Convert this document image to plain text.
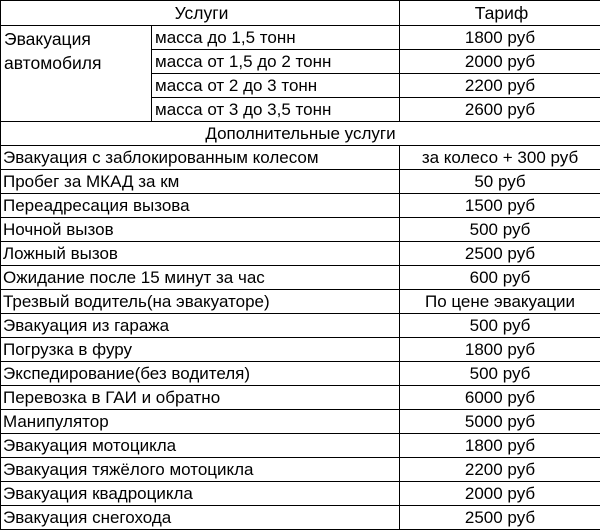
Услуги		Тариф

Эвакуация
автомобиля	масса до 1,5 тонн	1800 руб
	масса от 1,5 до 2 тонн	2000 руб
	масса от 2 до 3 тонн	2200 руб
	масса от 3 до 3,5 тонн	2600 руб
Дополнительные услуги		
Эвакуация с заблокированным колесом		за колесо + 300 руб
Пробег за МКАД за км		50 руб
Переадресация вызова		1500 руб
Ночной вызов		500 руб
Ложный вызов		2500 руб
Ожидание после 15 минут за час		600 руб
Трезвый водитель(на эвакуаторе)		По цене эвакуации
Эвакуация из гаража		500 руб
Погрузка в фуру		1800 руб
Экспедирование(без водителя)		500 руб
Перевозка в ГАИ и обратно		6000 руб
Манипулятор		5000 руб
Эвакуация мотоцикла		1800 руб
Эвакуация тяжёлого мотоцикла		2200 руб
Эвакуация квадроцикла		2000 руб
Эвакуация снегохода		2500 руб
